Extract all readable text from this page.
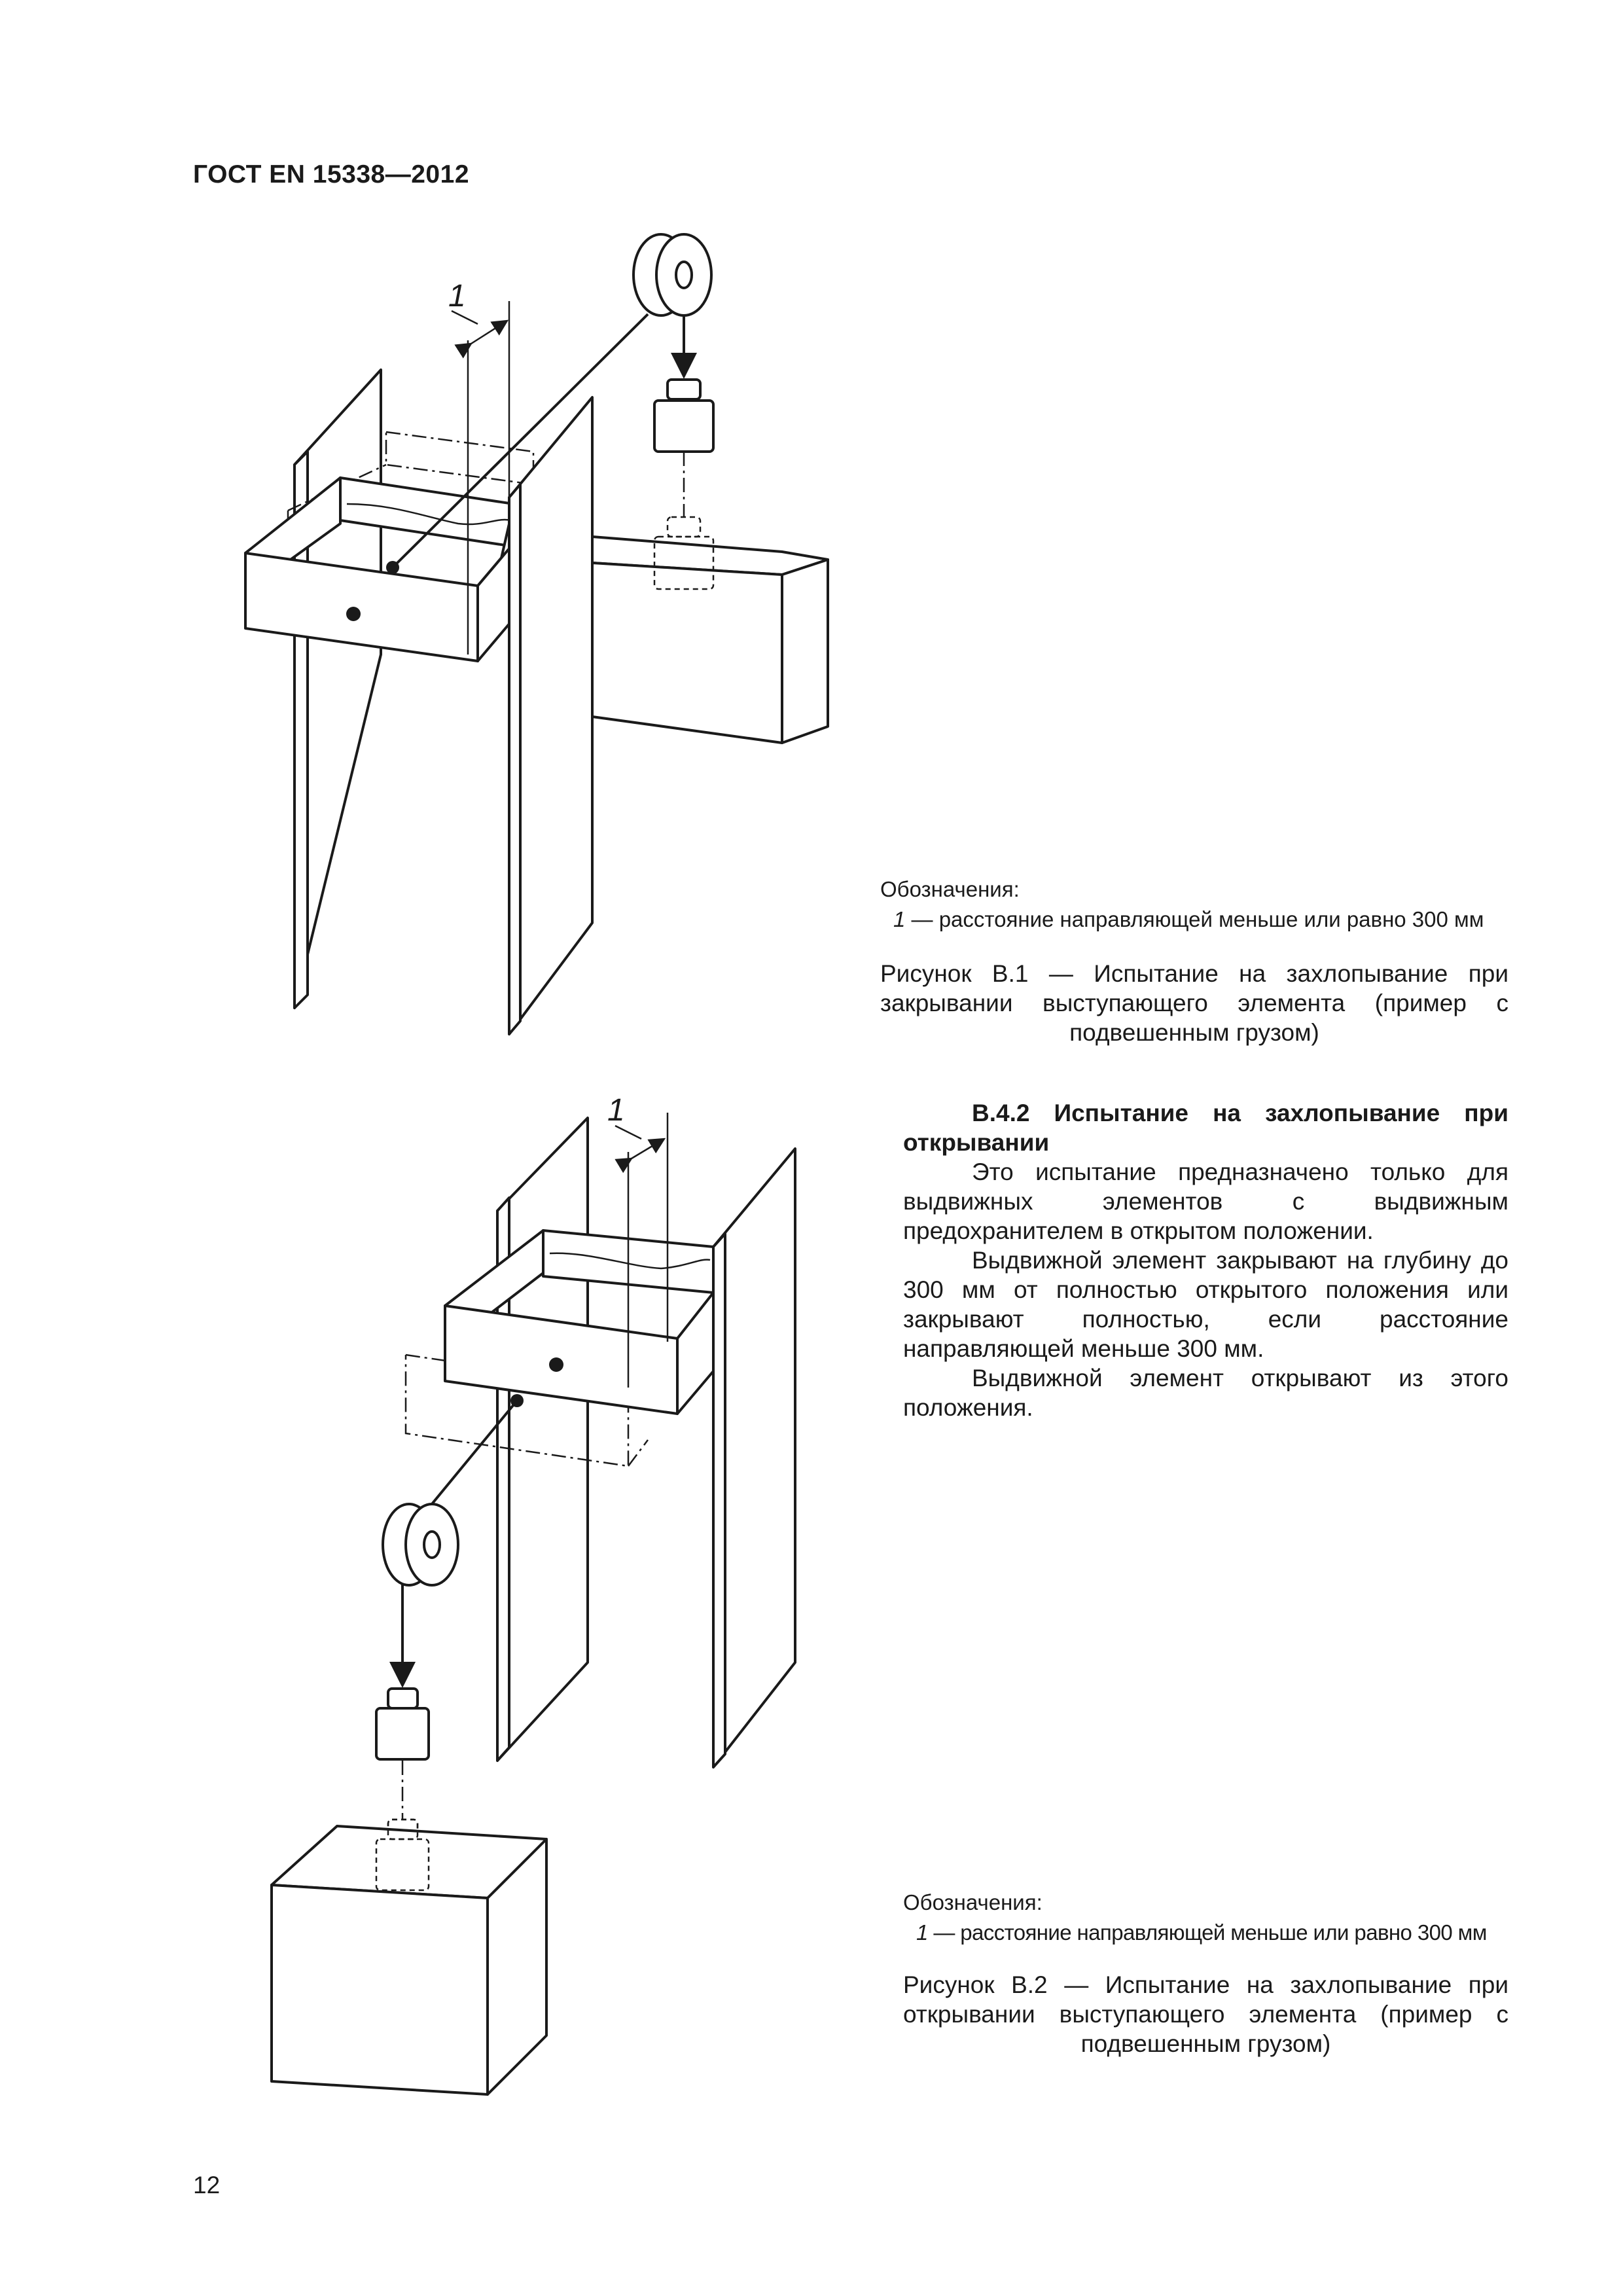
ГОСТ EN 15338—2012
1
1
Обозначения:
1 — расстояние направляющей меньше или равно 300 мм
Рисунок B.1 — Испытание на захлопывание при закрывании выступающего элемента (пример с подвешенным грузом)
B.4.2 Испытание на захлопывание при открывании

Это испытание предназначено только для выдвижных элементов с выдвижным предохранителем в открытом положении.

Выдвижной элемент закрывают на глубину до 300 мм от полностью открытого положения или закрывают полностью, если расстояние направляющей меньше 300 мм.

Выдвижной элемент открывают из этого положения.

Обозначения:
1 — расстояние направляющей меньше или равно 300 мм
Рисунок B.2 — Испытание на захлопывание при открывании выступающего элемента (пример с подвешенным грузом)
12
